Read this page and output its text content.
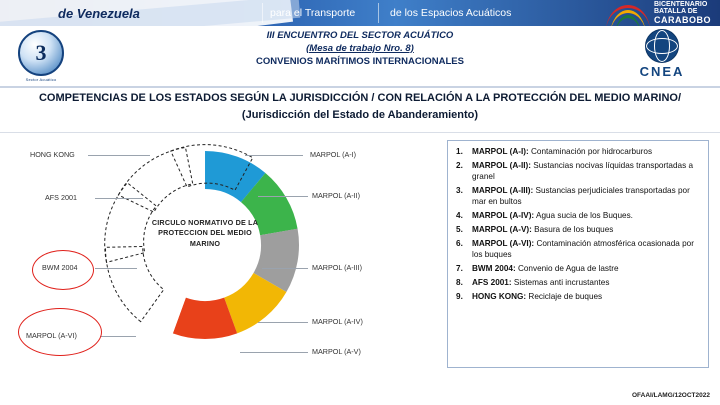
de Venezuela	para el Transporte	de los Espacios Acuáticos
BICENTENARIO
BATALLA DE
CARABOBO
3
Sector Acuático
III ENCUENTRO DEL SECTOR ACUÁTICO
(Mesa de trabajo Nro. 8)
CONVENIOS MARÍTIMOS INTERNACIONALES
CNEA
COMPETENCIAS DE LOS ESTADOS SEGÚN LA JURISDICCIÓN / CON RELACIÓN A LA PROTECCIÓN DEL MEDIO MARINO/
(Jurisdicción del Estado de Abanderamiento)
CIRCULO NORMATIVO DE LA PROTECCION DEL MEDIO MARINO
MARPOL (A-I)
MARPOL (A-II)
MARPOL (A-III)
MARPOL (A-IV)
MARPOL (A-V)
MARPOL (A-VI)
BWM 2004
AFS 2001
HONG KONG	MARPOL (A-I): Contaminación por hidrocarburos
MARPOL (A-II): Sustancias nocivas líquidas transportadas a granel
MARPOL (A-III): Sustancias perjudiciales transportadas por mar en bultos
MARPOL (A-IV): Agua sucia de los Buques.
MARPOL (A-V): Basura de los buques
MARPOL (A-VI): Contaminación atmosférica ocasionada por los buques
BWM 2004: Convenio de Agua de lastre
AFS 2001: Sistemas anti incrustantes
HONG KONG: Reciclaje de buques
OFAAI/LAMG/12OCT2022
